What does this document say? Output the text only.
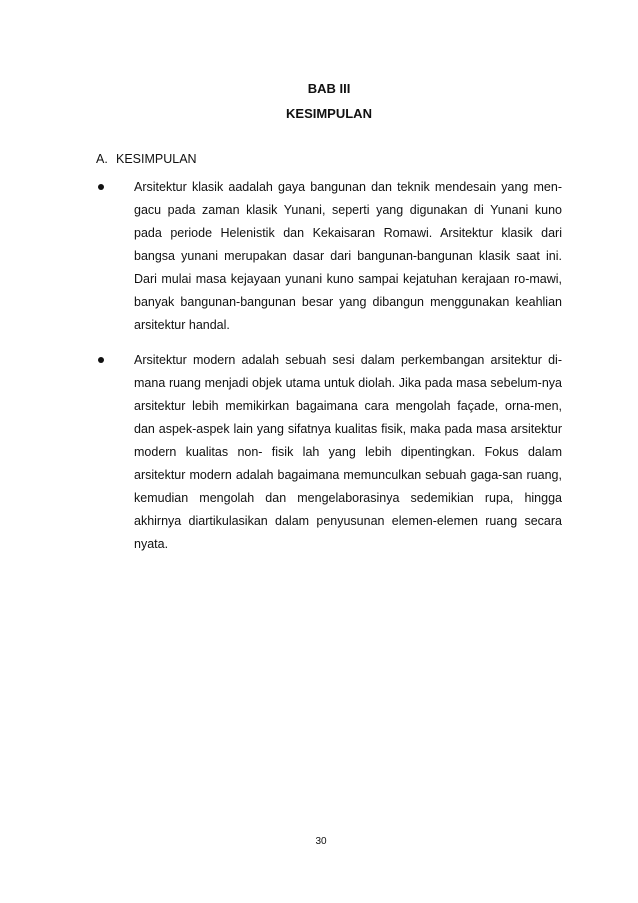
BAB III
KESIMPULAN
A. KESIMPULAN
Arsitektur klasik aadalah gaya bangunan dan teknik mendesain yang men-gacu pada zaman klasik Yunani, seperti yang digunakan di Yunani kuno pada periode Helenistik dan Kekaisaran Romawi. Arsitektur klasik dari bangsa yunani merupakan dasar dari bangunan-bangunan klasik saat ini. Dari mulai masa kejayaan yunani kuno sampai kejatuhan kerajaan ro-mawi, banyak bangunan-bangunan besar yang dibangun menggunakan keahlian arsitektur handal.
Arsitektur modern adalah sebuah sesi dalam perkembangan arsitektur di-mana ruang menjadi objek utama untuk diolah. Jika pada masa sebelum-nya arsitektur lebih memikirkan bagaimana cara mengolah façade, orna-men, dan aspek-aspek lain yang sifatnya kualitas fisik, maka pada masa arsitektur modern kualitas non- fisik lah yang lebih dipentingkan. Fokus dalam arsitektur modern adalah bagaimana memunculkan sebuah gaga-san ruang, kemudian mengolah dan mengelaborasinya sedemikian rupa, hingga akhirnya diartikulasikan dalam penyusunan elemen-elemen ruang secara nyata.
30
